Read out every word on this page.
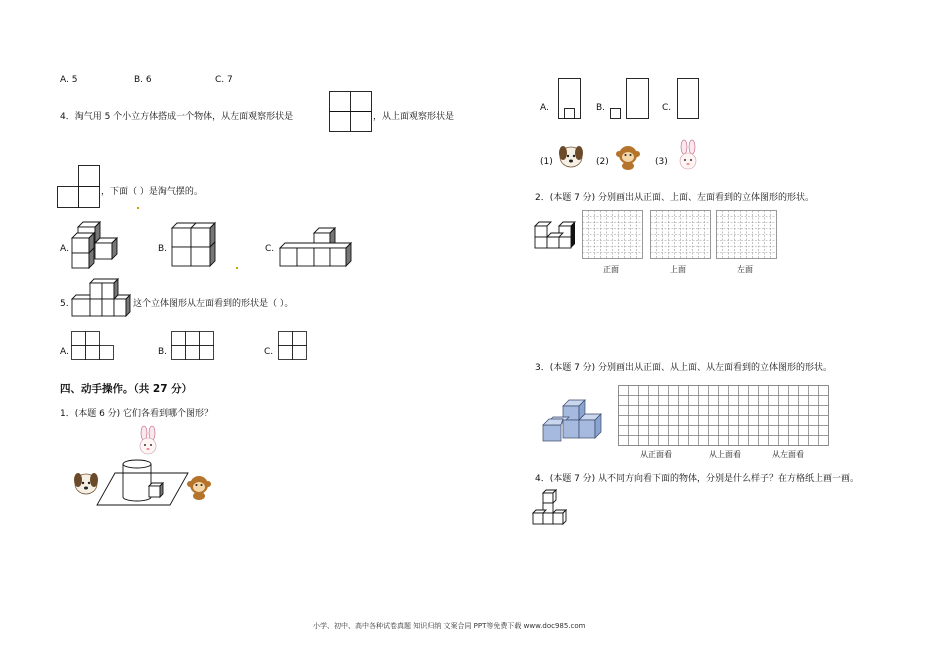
A. 5	B. 6	C. 7
4．淘气用 5 个小立方体搭成一个物体，从左面观察形状是	，从上面观察形状是
，下面（ ）是淘气摆的。
A.	B.	C.
5.	这个立体图形从左面看到的形状是（ ）。
A.	B.	C.
四、动手操作。（共 27 分）
1．(本题 6 分) 它们各看到哪个图形？
A.	B.	C.
(1)	(2)	(3)
2．(本题 7 分) 分别画出从正面、上面、左面看到的立体图形的形状。
正面	上面	左面
3．(本题 7 分) 分别画出从正面、从上面、从左面看到的立体图形的形状。
从正面看	从上面看	从左面看
4．(本题 7 分) 从不同方向看下面的物体，分别是什么样子？在方格纸上画一画。
小学、初中、高中各种试卷真题 知识归纳 文案合同 PPT等免费下载 www.doc985.com
